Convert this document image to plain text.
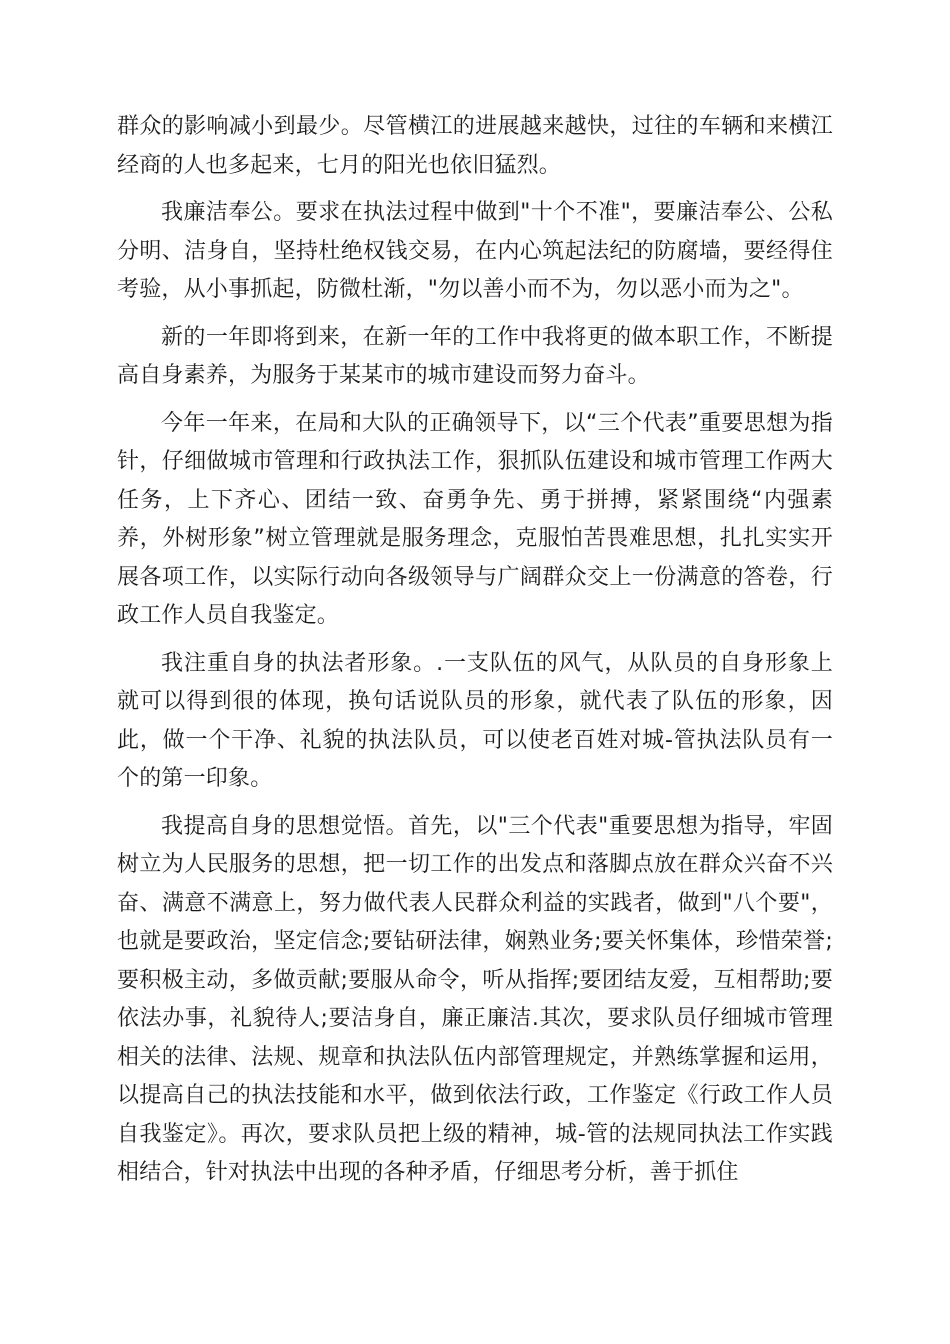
群众的影响减小到最少。尽管横江的进展越来越快，过往的车辆和来横江经商的人也多起来，七月的阳光也依旧猛烈。

我廉洁奉公。要求在执法过程中做到"十个不准"，要廉洁奉公、公私分明、洁身自，坚持杜绝权钱交易，在内心筑起法纪的防腐墙，要经得住考验，从小事抓起，防微杜渐，"勿以善小而不为，勿以恶小而为之"。

新的一年即将到来，在新一年的工作中我将更的做本职工作，不断提高自身素养，为服务于某某市的城市建设而努力奋斗。

今年一年来，在局和大队的正确领导下，以“三个代表”重要思想为指针，仔细做城市管理和行政执法工作，狠抓队伍建设和城市管理工作两大任务，上下齐心、团结一致、奋勇争先、勇于拼搏，紧紧围绕“内强素养，外树形象”树立管理就是服务理念，克服怕苦畏难思想，扎扎实实开展各项工作，以实际行动向各级领导与广阔群众交上一份满意的答卷，行政工作人员自我鉴定。

我注重自身的执法者形象。.一支队伍的风气，从队员的自身形象上就可以得到很的体现，换句话说队员的形象，就代表了队伍的形象，因此，做一个干净、礼貌的执法队员，可以使老百姓对城-管执法队员有一个的第一印象。

我提高自身的思想觉悟。首先，以"三个代表"重要思想为指导，牢固树立为人民服务的思想，把一切工作的出发点和落脚点放在群众兴奋不兴奋、满意不满意上，努力做代表人民群众利益的实践者，做到"八个要"，也就是要政治，坚定信念;要钻研法律，娴熟业务;要关怀集体，珍惜荣誉;要积极主动，多做贡献;要服从命令，听从指挥;要团结友爱，互相帮助;要依法办事，礼貌待人;要洁身自，廉正廉洁.其次，要求队员仔细城市管理相关的法律、法规、规章和执法队伍内部管理规定，并熟练掌握和运用，以提高自己的执法技能和水平，做到依法行政，工作鉴定《行政工作人员自我鉴定》。再次，要求队员把上级的精神，城-管的法规同执法工作实践相结合，针对执法中出现的各种矛盾，仔细思考分析，善于抓住
